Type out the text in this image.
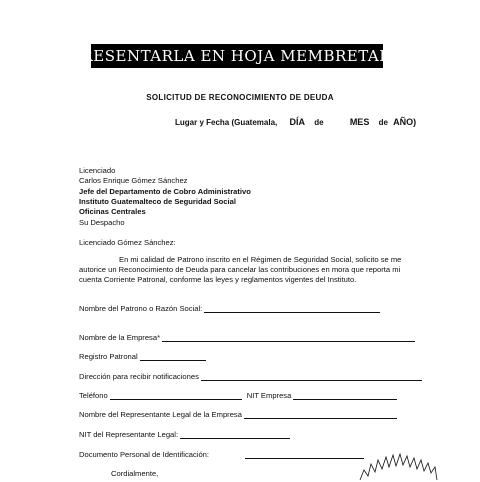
PRESENTARLA EN HOJA MEMBRETADA
SOLICITUD DE RECONOCIMIENTO DE DEUDA
Lugar y Fecha (Guatemala, DÍA de	MES de AÑO)
Licenciado
Carlos Enrique Gómez Sánchez
Jefe del Departamento de Cobro Administrativo
Instituto Guatemalteco de Seguridad Social
Oficinas Centrales
Su Despacho
Licenciado Gómez Sánchez:
En mi calidad de Patrono inscrito en el Régimen de Seguridad Social, solicito se me autorice un Reconocimiento de Deuda para cancelar las contribuciones en mora que reporta mi cuenta Corriente Patronal, conforme las leyes y reglamentos vigentes del Instituto.
Nombre del Patrono o Razón Social:
Nombre de la Empresa*
Registro Patronal
Dirección para recibir notificaciones
Teléfono	NIT Empresa
Nombre del Representante Legal de la Empresa
NIT del Representante Legal:
Documento Personal de Identificación:
Cordialmente,
